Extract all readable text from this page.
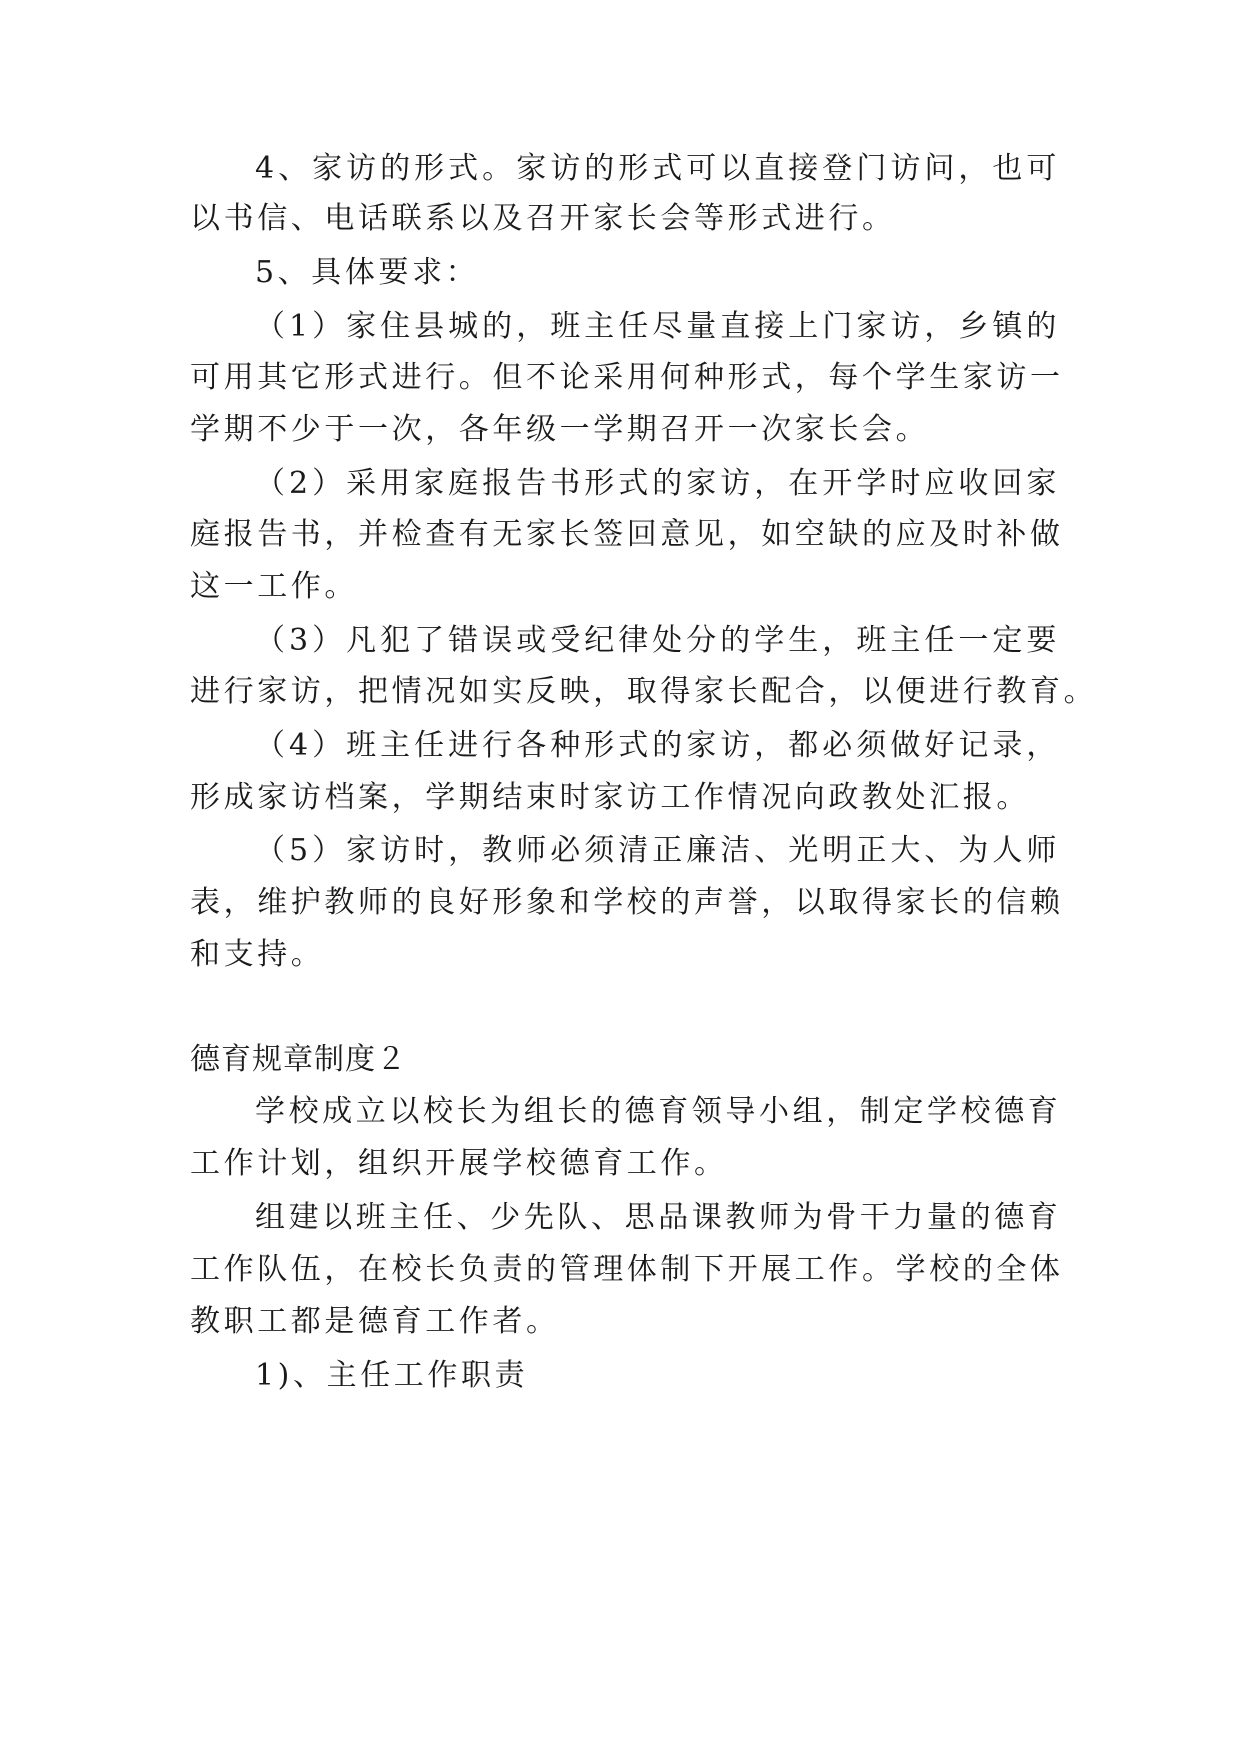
4、家访的形式。家访的形式可以直接登门访问，也可
以书信、电话联系以及召开家长会等形式进行。
5、具体要求：
（1）家住县城的，班主任尽量直接上门家访，乡镇的
可用其它形式进行。但不论采用何种形式，每个学生家访一
学期不少于一次，各年级一学期召开一次家长会。
（2）采用家庭报告书形式的家访，在开学时应收回家
庭报告书，并检查有无家长签回意见，如空缺的应及时补做
这一工作。
（3）凡犯了错误或受纪律处分的学生，班主任一定要
进行家访，把情况如实反映，取得家长配合，以便进行教育。
（4）班主任进行各种形式的家访，都必须做好记录，
形成家访档案，学期结束时家访工作情况向政教处汇报。
（5）家访时，教师必须清正廉洁、光明正大、为人师
表，维护教师的良好形象和学校的声誉，以取得家长的信赖
和支持。
德育规章制度２
学校成立以校长为组长的德育领导小组，制定学校德育
工作计划，组织开展学校德育工作。
组建以班主任、少先队、思品课教师为骨干力量的德育
工作队伍，在校长负责的管理体制下开展工作。学校的全体
教职工都是德育工作者。
1)、主任工作职责
